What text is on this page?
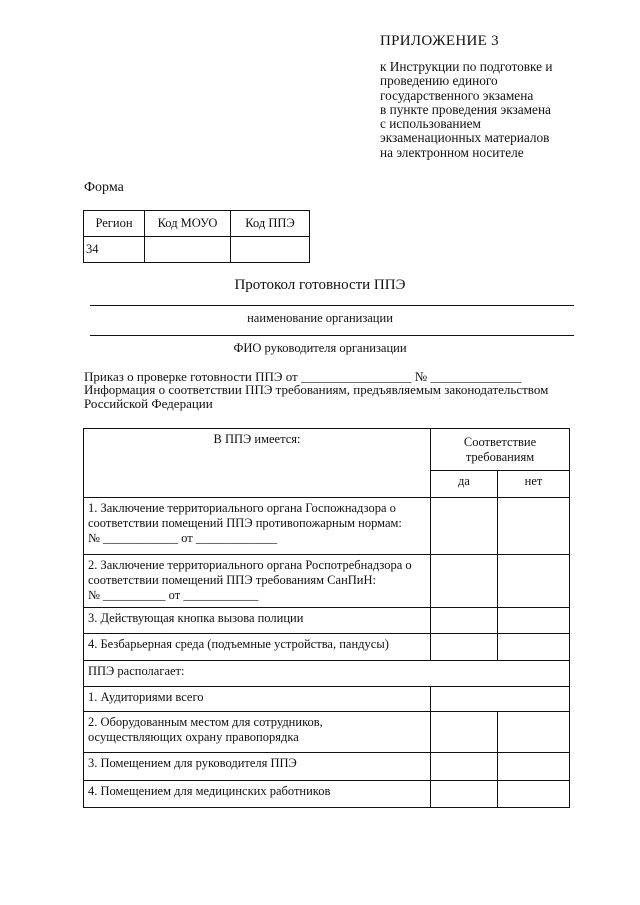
ПРИЛОЖЕНИЕ 3
к Инструкции по подготовке и
проведению единого
государственного экзамена
в пункте проведения экзамена
с использованием
экзаменационных материалов
на электронном носителе
Форма
Регион	Код МОУО	Код ППЭ
34		
Протокол готовности ППЭ
наименование организации
ФИО руководителя организации
Приказ о проверке готовности ППЭ от _________________ № ______________
Информация о соответствии ППЭ требованиям, предъявляемым законодательством Российской Федерации
В ППЭ имеется:	Соответствие требованиям	
	да	нет

1. Заключение территориального органа Госпожнадзора о
соответствии помещений ППЭ противопожарным нормам:
№ ____________ от _____________		

2. Заключение территориального органа Роспотребнадзора о
соответствии помещений ППЭ требованиям СанПиН:
№ __________ от ____________		

3. Действующая кнопка вызова полиции		
4. Безбарьерная среда (подъемные устройства, пандусы)		
ППЭ располагает:		
1. Аудиториями всего		

2. Оборудованным местом для сотрудников,
осуществляющих охрану правопорядка		

3. Помещением для руководителя ППЭ		
4. Помещением для медицинских работников		
